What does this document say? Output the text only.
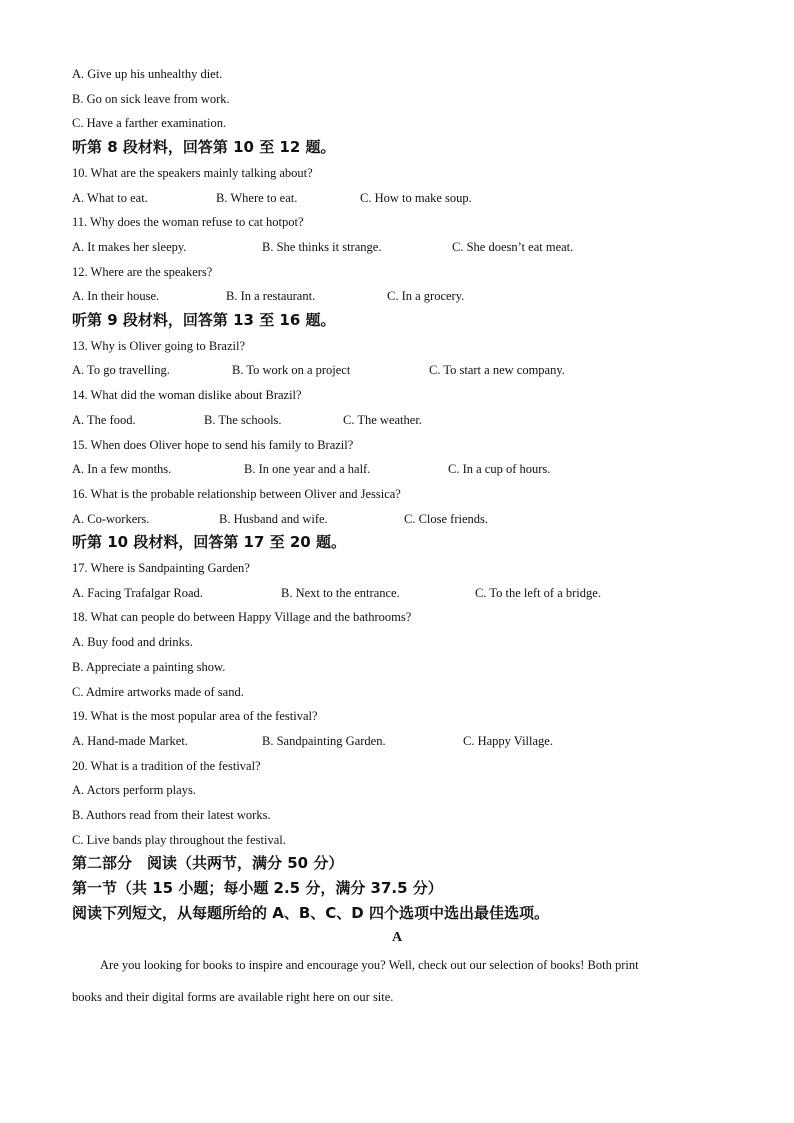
A. Give up his unhealthy diet.
B. Go on sick leave from work.
C. Have a farther examination.
听第 8 段材料，回答第 10 至 12 题。
10. What are the speakers mainly talking about?
A. What to eat.	B. Where to eat.	C. How to make soup.
11. Why does the woman refuse to cat hotpot?
A. It makes her sleepy.	B. She thinks it strange.	C. She doesn’t eat meat.
12. Where are the speakers?
A. In their house.	B. In a restaurant.	C. In a grocery.
听第 9 段材料，回答第 13 至 16 题。
13. Why is Oliver going to Brazil?
A. To go travelling.	B. To work on a project	C. To start a new company.
14. What did the woman dislike about Brazil?
A. The food.	B. The schools.	C. The weather.
15. When does Oliver hope to send his family to Brazil?
A. In a few months.	B. In one year and a half.	C. In a cup of hours.
16. What is the probable relationship between Oliver and Jessica?
A. Co-workers.	B. Husband and wife.	C. Close friends.
听第 10 段材料，回答第 17 至 20 题。
17. Where is Sandpainting Garden?
A. Facing Trafalgar Road.	B. Next to the entrance.	C. To the left of a bridge.
18. What can people do between Happy Village and the bathrooms?
A. Buy food and drinks.
B. Appreciate a painting show.
C. Admire artworks made of sand.
19. What is the most popular area of the festival?
A. Hand-made Market.	B. Sandpainting Garden.	C. Happy Village.
20. What is a tradition of the festival?
A. Actors perform plays.
B. Authors read from their latest works.
C. Live bands play throughout the festival.
第二部分　阅读（共两节，满分 50 分）
第一节（共 15 小题；每小题 2.5 分，满分 37.5 分）
阅读下列短文，从每题所给的 A、B、C、D 四个选项中选出最佳选项。
A
Are you looking for books to inspire and encourage you? Well, check out our selection of books! Both print
books and their digital forms are available right here on our site.
